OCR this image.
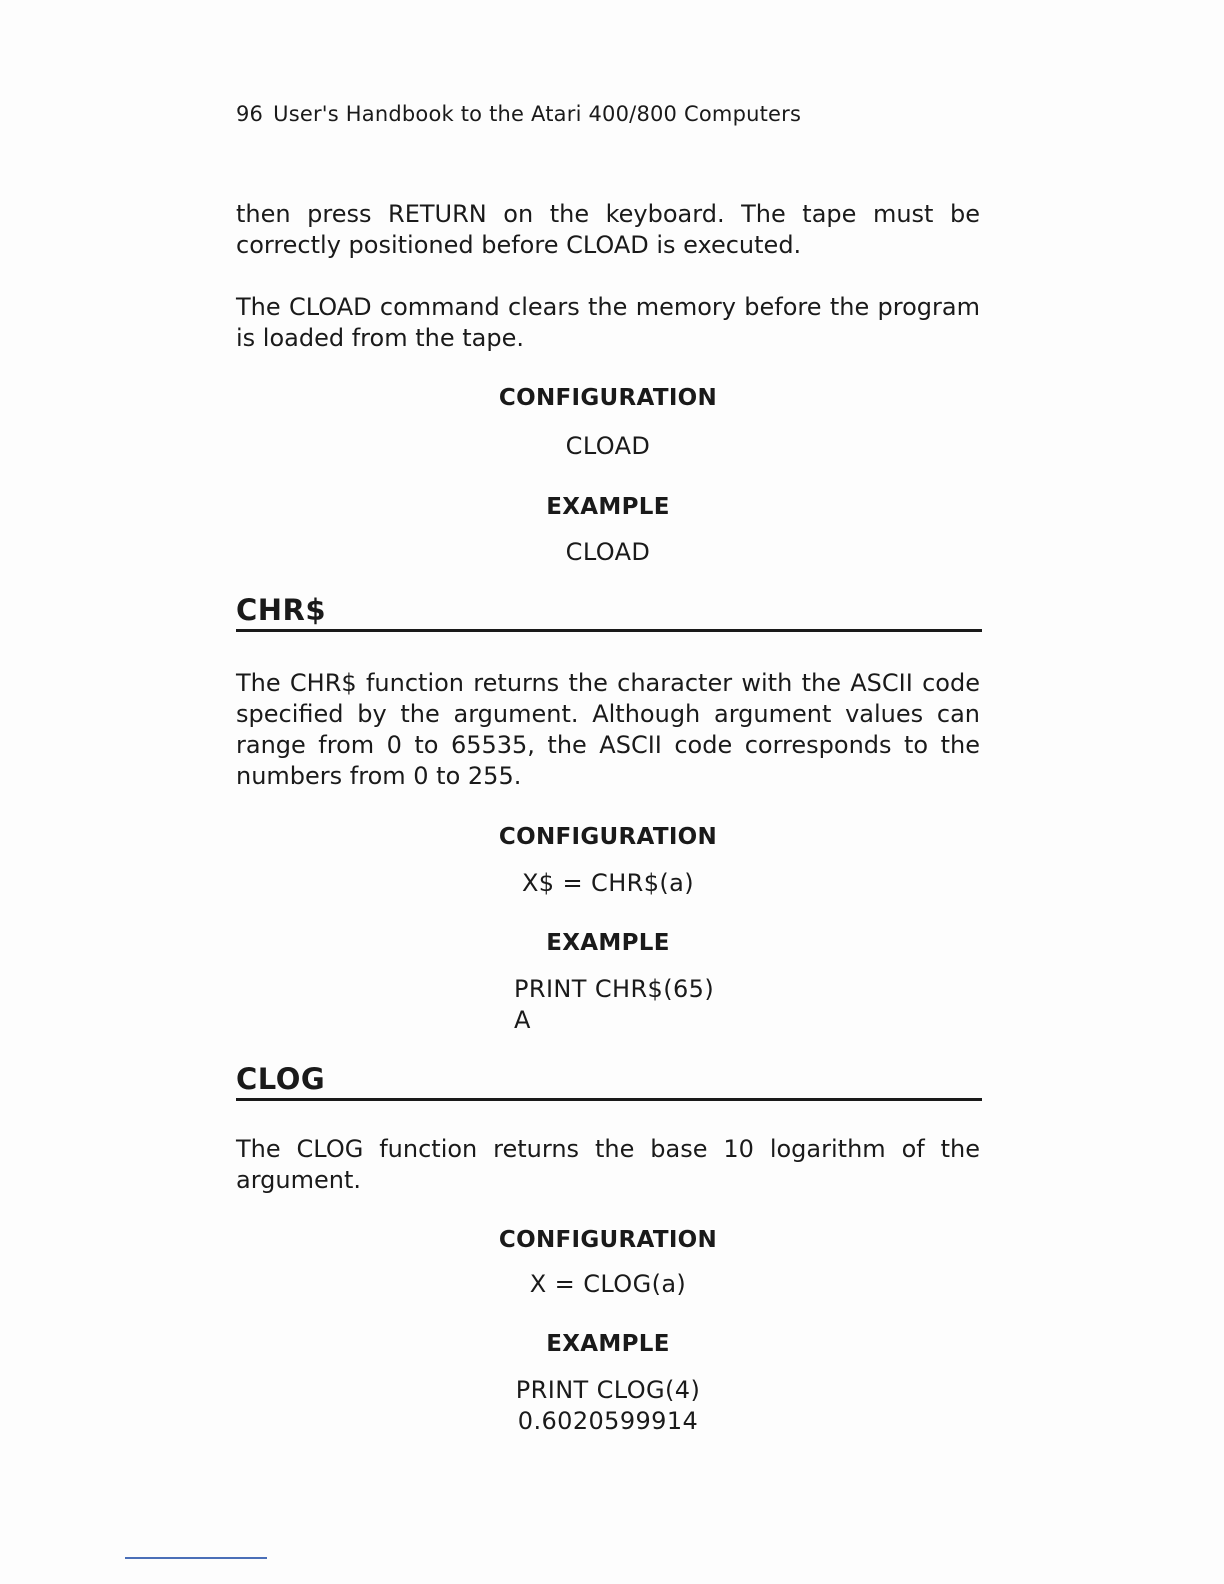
96 User's Handbook to the Atari 400/800 Computers
then press RETURN on the keyboard. The tape must be correctly positioned before CLOAD is executed.
The CLOAD command clears the memory before the program is loaded from the tape.
CONFIGURATION
CLOAD
EXAMPLE
CLOAD
CHR$
The CHR$ function returns the character with the ASCII code specified by the argument. Although argument values can range from 0 to 65535, the ASCII code corresponds to the numbers from 0 to 255.
CONFIGURATION
X$ = CHR$(a)
EXAMPLE
PRINT CHR$(65)
A
CLOG
The CLOG function returns the base 10 logarithm of the argument.
CONFIGURATION
X = CLOG(a)
EXAMPLE
PRINT CLOG(4)
0.6020599914
